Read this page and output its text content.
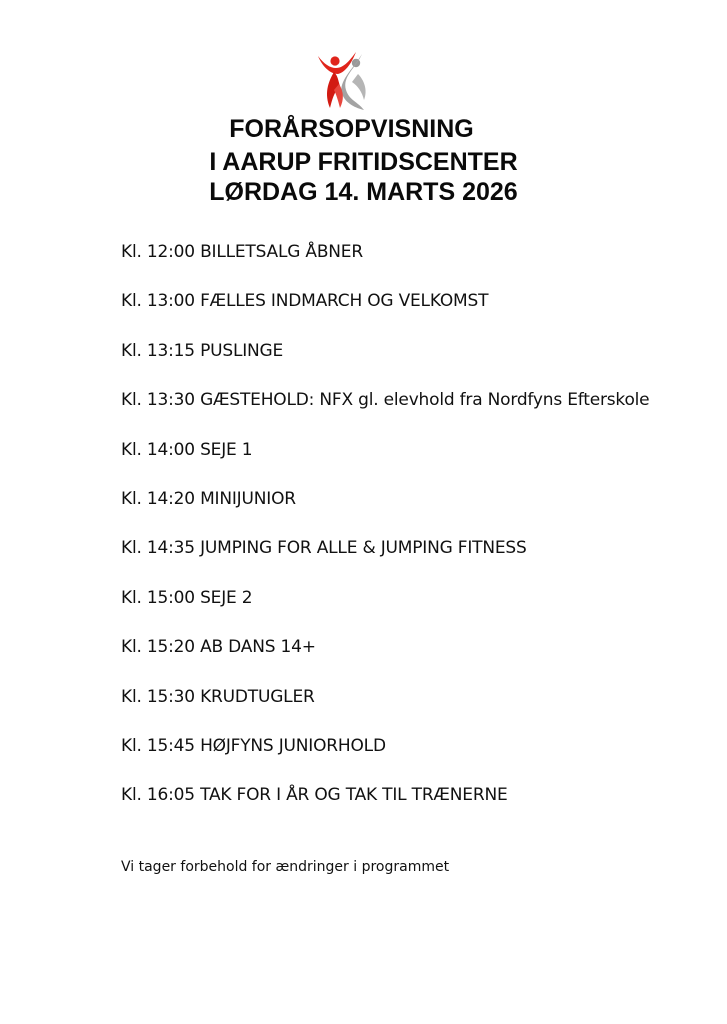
FORÅRSOPVISNING
I AARUP FRITIDSCENTER
LØRDAG 14. MARTS 2026
Kl. 12:00 BILLETSALG ÅBNER
Kl. 13:00 FÆLLES INDMARCH OG VELKOMST
Kl. 13:15 PUSLINGE
Kl. 13:30 GÆSTEHOLD: NFX gl. elevhold fra Nordfyns Efterskole
Kl. 14:00 SEJE 1
Kl. 14:20 MINIJUNIOR
Kl. 14:35 JUMPING FOR ALLE & JUMPING FITNESS
Kl. 15:00 SEJE 2
Kl. 15:20 AB DANS 14+
Kl. 15:30 KRUDTUGLER
Kl. 15:45 HØJFYNS JUNIORHOLD
Kl. 16:05 TAK FOR I ÅR OG TAK TIL TRÆNERNE
Vi tager forbehold for ændringer i programmet
